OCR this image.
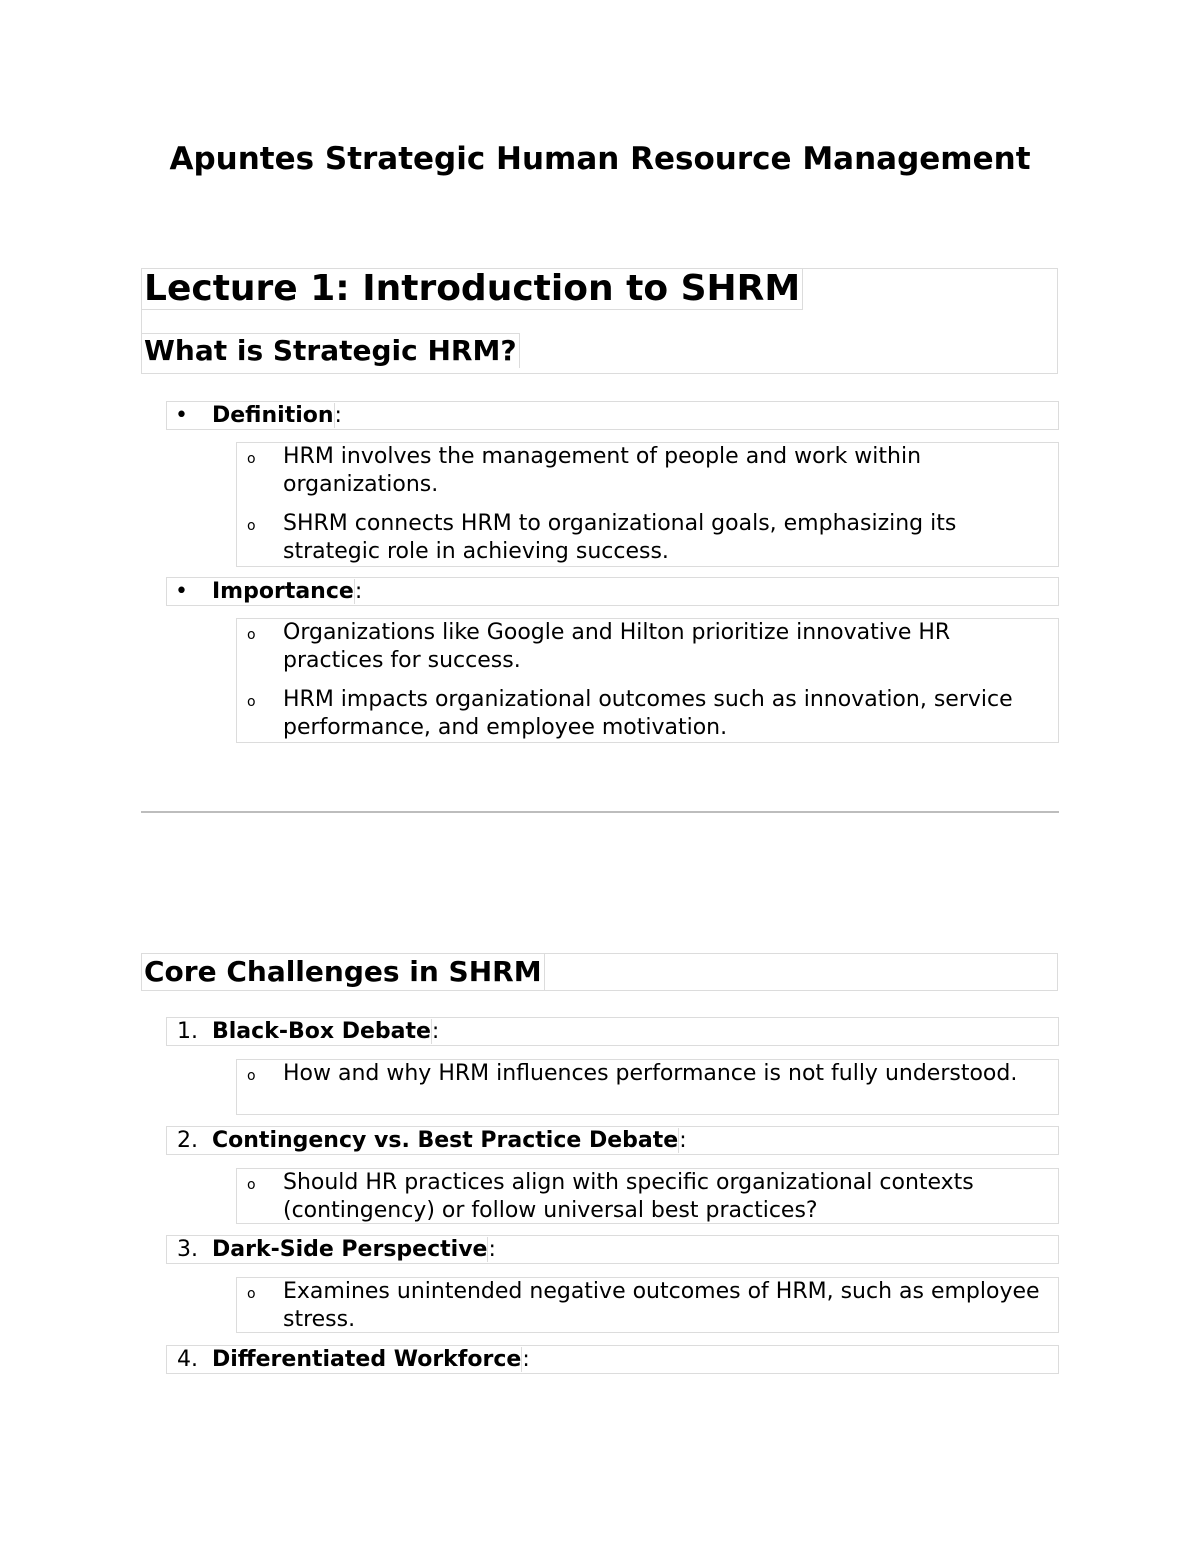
Apuntes Strategic Human Resource Management
Lecture 1: Introduction to SHRM
What is Strategic HRM?
• Definition:
o HRM involves the management of people and work within organizations.
o SHRM connects HRM to organizational goals, emphasizing its strategic role in achieving success.
• Importance:
o Organizations like Google and Hilton prioritize innovative HR practices for success.
o HRM impacts organizational outcomes such as innovation, service performance, and employee motivation.
Core Challenges in SHRM
1. Black-Box Debate:
o How and why HRM influences performance is not fully understood.
2. Contingency vs. Best Practice Debate:
o Should HR practices align with specific organizational contexts (contingency) or follow universal best practices?
3. Dark-Side Perspective:
o Examines unintended negative outcomes of HRM, such as employee stress.
4. Differentiated Workforce:
